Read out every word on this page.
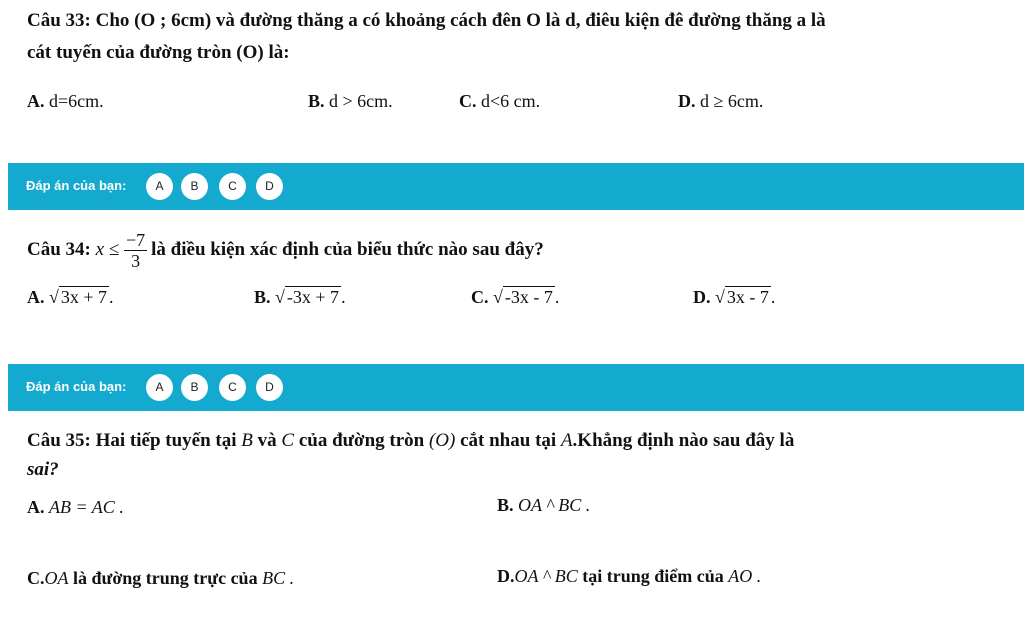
Câu 33: Cho (O ; 6cm) và đường thăng a có khoảng cách đên O là d, điêu kiện đê đường thăng a là
cát tuyến của đường tròn (O) là:
A. d=6cm.	B. d > 6cm.	C. d<6 cm.	D. d ≥ 6cm.
Đáp án của bạn:	A	B	C	D
Câu 34:
x ≤
$\frac{-7}{3}$ là điều kiện xác định của biểu thức nào sau đây?
A. √ 3x + 7 .	B. √ -3x + 7 .	C. √ -3x - 7 .	D. √ 3x - 7 .
Đáp án của bạn:	A	B	C	D
Câu 35: Hai tiếp tuyến tại B và C của đường tròn (O) cắt nhau tại A.Khẳng định nào sau đây là
sai?
A. AB = AC .	B. OA ^ BC .
C.OA là đường trung trực của BC .	D.OA ^ BC tại trung điểm của AO .
